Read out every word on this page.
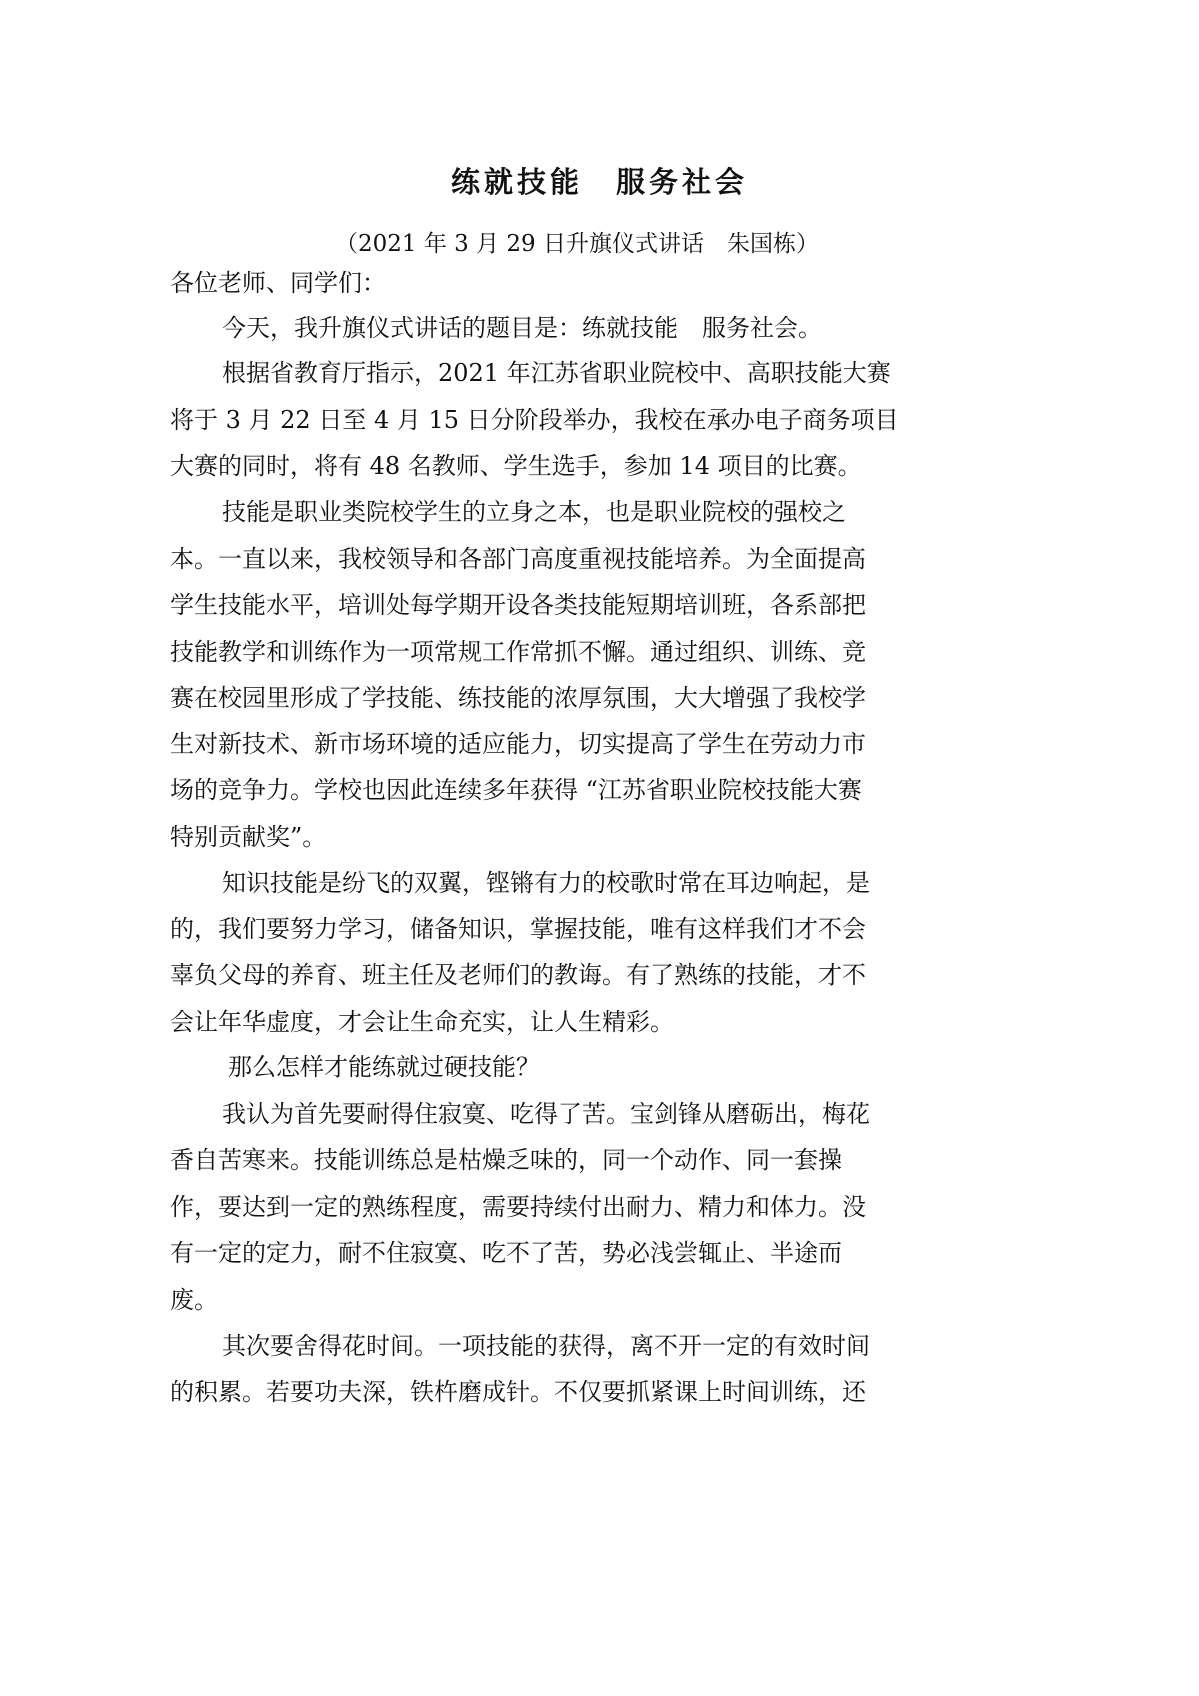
练就技能　服务社会
（2021 年 3 月 29 日升旗仪式讲话　朱国栋）
各位老师、同学们：
今天，我升旗仪式讲话的题目是：练就技能　服务社会。
根据省教育厅指示，2021 年江苏省职业院校中、高职技能大赛
将于 3 月 22 日至 4 月 15 日分阶段举办，我校在承办电子商务项目
大赛的同时，将有 48 名教师、学生选手，参加 14 项目的比赛。
技能是职业类院校学生的立身之本，也是职业院校的强校之
本。一直以来，我校领导和各部门高度重视技能培养。为全面提高
学生技能水平，培训处每学期开设各类技能短期培训班，各系部把
技能教学和训练作为一项常规工作常抓不懈。通过组织、训练、竞
赛在校园里形成了学技能、练技能的浓厚氛围，大大增强了我校学
生对新技术、新市场环境的适应能力，切实提高了学生在劳动力市
场的竞争力。学校也因此连续多年获得 “江苏省职业院校技能大赛
特别贡献奖”。
知识技能是纷飞的双翼，铿锵有力的校歌时常在耳边响起，是
的，我们要努力学习，储备知识，掌握技能，唯有这样我们才不会
辜负父母的养育、班主任及老师们的教诲。有了熟练的技能，才不
会让年华虚度，才会让生命充实，让人生精彩。
那么怎样才能练就过硬技能？
我认为首先要耐得住寂寞、吃得了苦。宝剑锋从磨砺出，梅花
香自苦寒来。技能训练总是枯燥乏味的，同一个动作、同一套操
作，要达到一定的熟练程度，需要持续付出耐力、精力和体力。没
有一定的定力，耐不住寂寞、吃不了苦，势必浅尝辄止、半途而
废。
其次要舍得花时间。一项技能的获得，离不开一定的有效时间
的积累。若要功夫深，铁杵磨成针。不仅要抓紧课上时间训练，还
